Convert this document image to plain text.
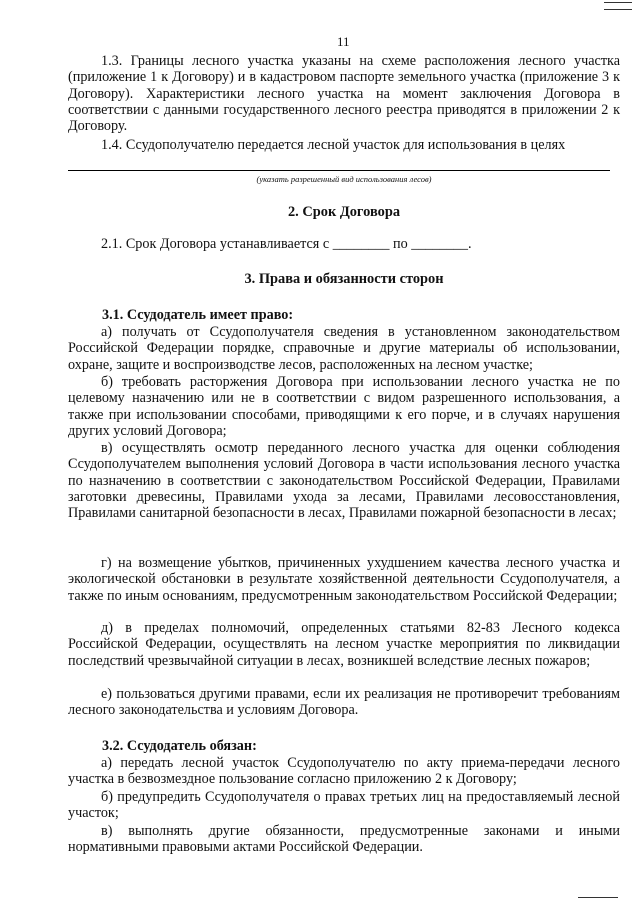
11

1.3. Границы лесного участка указаны на схеме расположения лесного участка (приложение 1 к Договору) и в кадастровом паспорте земельного участка (приложение 3 к Договору). Характеристики лесного участка на момент заключения Договора в соответствии с данными государственного лесного реестра приводятся в приложении 2 к Договору.

1.4. Ссудополучателю передается лесной участок для использования в целях

(указать разрешенный вид использования лесов)

2. Срок Договора

2.1. Срок Договора устанавливается с ________ по ________.

3. Права и обязанности сторон

3.1. Ссудодатель имеет право:

а) получать от Ссудополучателя сведения в установленном законодательством Российской Федерации порядке, справочные и другие материалы об использовании, охране, защите и воспроизводстве лесов, расположенных на лесном участке;

б) требовать расторжения Договора при использовании лесного участка не по целевому назначению или не в соответствии с видом разрешенного использования, а также при использовании способами, приводящими к его порче, и в случаях нарушения других условий Договора;

в) осуществлять осмотр переданного лесного участка для оценки соблюдения Ссудополучателем выполнения условий Договора в части использования лесного участка по назначению в соответствии с законодательством Российской Федерации, Правилами заготовки древесины, Правилами ухода за лесами, Правилами лесовосстановления, Правилами санитарной безопасности в лесах, Правилами пожарной безопасности в лесах;

г) на возмещение убытков, причиненных ухудшением качества лесного участка и экологической обстановки в результате хозяйственной деятельности Ссудополучателя, а также по иным основаниям, предусмотренным законодательством Российской Федерации;

д) в пределах полномочий, определенных статьями 82-83 Лесного кодекса Российской Федерации, осуществлять на лесном участке мероприятия по ликвидации последствий чрезвычайной ситуации в лесах, возникшей вследствие лесных пожаров;

е) пользоваться другими правами, если их реализация не противоречит требованиям лесного законодательства и условиям Договора.

3.2. Ссудодатель обязан:

а) передать лесной участок Ссудополучателю по акту приема-передачи лесного участка в безвозмездное пользование согласно приложению 2 к Договору;

б) предупредить Ссудополучателя о правах третьих лиц на предоставляемый лесной участок;

в) выполнять другие обязанности, предусмотренные законами и иными нормативными правовыми актами Российской Федерации.
